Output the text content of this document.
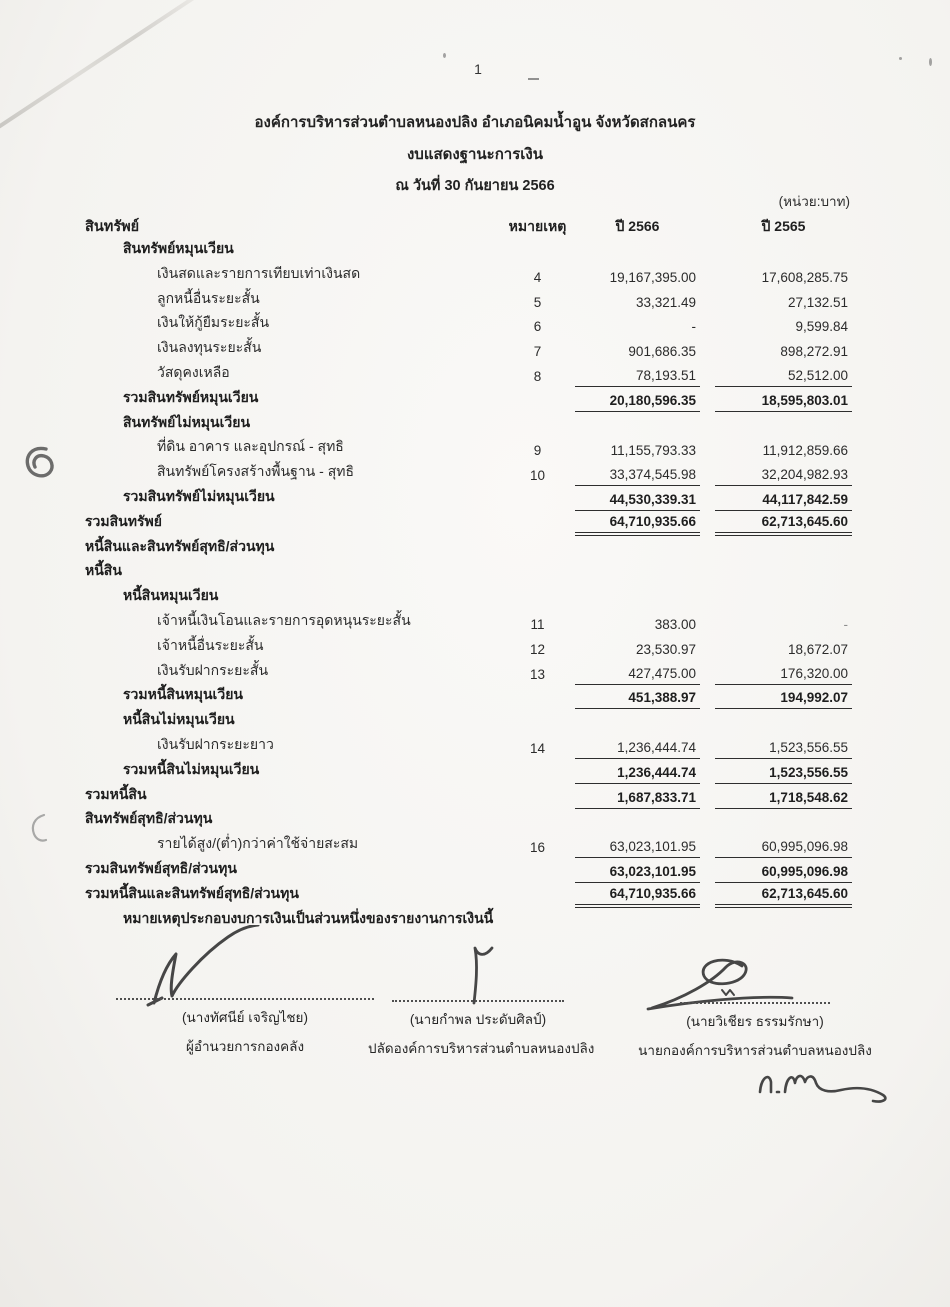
1
องค์การบริหารส่วนตำบลหนองปลิง อำเภอนิคมน้ำอูน จังหวัดสกลนคร
งบแสดงฐานะการเงิน
ณ วันที่ 30 กันยายน 2566
(หน่วย:บาท)
สินทรัพย์	หมายเหตุ	ปี 2566	ปี 2565
สินทรัพย์หมุนเวียน
เงินสดและรายการเทียบเท่าเงินสด	4	19,167,395.00	17,608,285.75
ลูกหนี้อื่นระยะสั้น	5	33,321.49	27,132.51
เงินให้กู้ยืมระยะสั้น	6	-	9,599.84
เงินลงทุนระยะสั้น	7	901,686.35	898,272.91
วัสดุคงเหลือ	8	78,193.51	52,512.00
รวมสินทรัพย์หมุนเวียน	20,180,596.35	18,595,803.01
สินทรัพย์ไม่หมุนเวียน
ที่ดิน อาคาร และอุปกรณ์ - สุทธิ	9	11,155,793.33	11,912,859.66
สินทรัพย์โครงสร้างพื้นฐาน - สุทธิ	10	33,374,545.98	32,204,982.93
รวมสินทรัพย์ไม่หมุนเวียน	44,530,339.31	44,117,842.59
รวมสินทรัพย์	64,710,935.66	62,713,645.60
หนี้สินและสินทรัพย์สุทธิ/ส่วนทุน
หนี้สิน
หนี้สินหมุนเวียน
เจ้าหนี้เงินโอนและรายการอุดหนุนระยะสั้น	11	383.00	-
เจ้าหนี้อื่นระยะสั้น	12	23,530.97	18,672.07
เงินรับฝากระยะสั้น	13	427,475.00	176,320.00
รวมหนี้สินหมุนเวียน	451,388.97	194,992.07
หนี้สินไม่หมุนเวียน
เงินรับฝากระยะยาว	14	1,236,444.74	1,523,556.55
รวมหนี้สินไม่หมุนเวียน	1,236,444.74	1,523,556.55
รวมหนี้สิน	1,687,833.71	1,718,548.62
สินทรัพย์สุทธิ/ส่วนทุน
รายได้สูง/(ต่ำ)กว่าค่าใช้จ่ายสะสม	16	63,023,101.95	60,995,096.98
รวมสินทรัพย์สุทธิ/ส่วนทุน	63,023,101.95	60,995,096.98
รวมหนี้สินและสินทรัพย์สุทธิ/ส่วนทุน	64,710,935.66	62,713,645.60
หมายเหตุประกอบงบการเงินเป็นส่วนหนึ่งของรายงานการเงินนี้
(นางทัศนีย์ เจริญไชย)
ผู้อำนวยการกองคลัง
(นายกำพล ประดับศิลป์)
ปลัดองค์การบริหารส่วนตำบลหนองปลิง
(นายวิเชียร ธรรมรักษา)
นายกองค์การบริหารส่วนตำบลหนองปลิง
